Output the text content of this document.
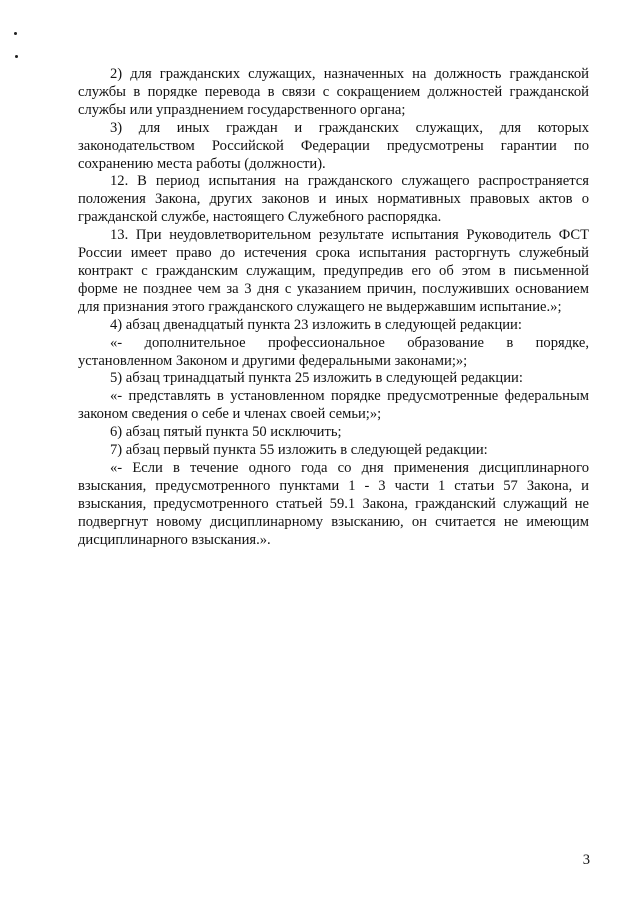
2) для гражданских служащих, назначенных на должность гражданской службы в порядке перевода в связи с сокращением должностей гражданской службы или упразднением государственного органа;

3) для иных граждан и гражданских служащих, для которых законодательством Российской Федерации предусмотрены гарантии по сохранению места работы (должности).

12. В период испытания на гражданского служащего распространяется положения Закона, других законов и иных нормативных правовых актов о гражданской службе, настоящего Служебного распорядка.

13. При неудовлетворительном результате испытания Руководитель ФСТ России имеет право до истечения срока испытания расторгнуть служебный контракт с гражданским служащим, предупредив его об этом в письменной форме не позднее чем за 3 дня с указанием причин, послуживших основанием для признания этого гражданского служащего не выдержавшим испытание.»;

4) абзац двенадцатый пункта 23 изложить в следующей редакции:

«- дополнительное профессиональное образование в порядке, установленном Законом и другими федеральными законами;»;

5) абзац тринадцатый пункта 25 изложить в следующей редакции:

«- представлять в установленном порядке предусмотренные федеральным законом сведения о себе и членах своей семьи;»;

6) абзац пятый пункта 50 исключить;

7) абзац первый пункта 55 изложить в следующей редакции:

«- Если в течение одного года со дня применения дисциплинарного взыскания, предусмотренного пунктами 1 - 3 части 1 статьи 57 Закона, и взыскания, предусмотренного статьей 59.1 Закона, гражданский служащий не подвергнут новому дисциплинарному взысканию, он считается не имеющим дисциплинарного взыскания.».

3
